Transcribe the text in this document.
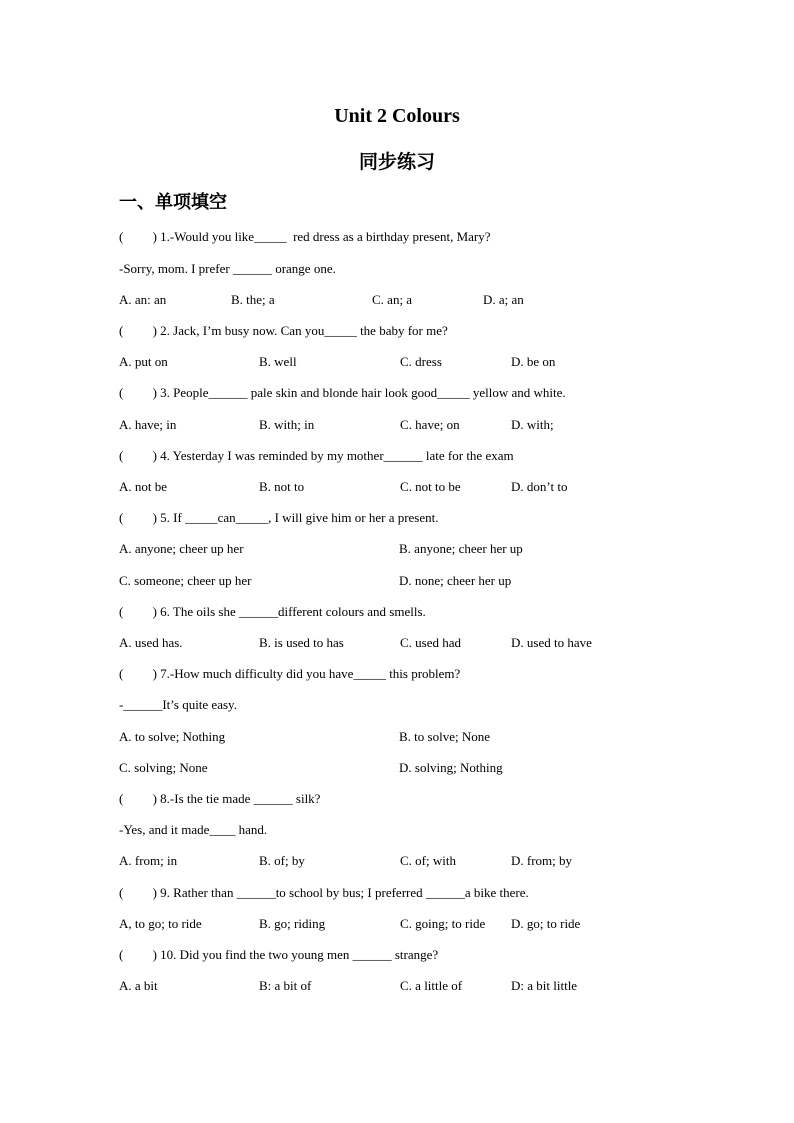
Unit 2 Colours
同步练习
一、单项填空
(         ) 1.-Would you like_____  red dress as a birthday present, Mary?
-Sorry, mom. I prefer ______ orange one.
A. an: an	B. the; a	C. an; a	D. a; an
(         ) 2. Jack, I’m busy now. Can you_____ the baby for me?
A. put on	B. well	C. dress	D. be on
(         ) 3. People______ pale skin and blonde hair look good_____ yellow and white.
A. have; in	B. with; in	C. have; on	D. with;
(         ) 4. Yesterday I was reminded by my mother______ late for the exam
A. not be	B. not to	C. not to be	D. don’t to
(         ) 5. If _____can_____, I will give him or her a present.
A. anyone; cheer up her	B. anyone; cheer her up
C. someone; cheer up her	D. none; cheer her up
(         ) 6. The oils she ______different colours and smells.
A. used has.	B. is used to has	C. used had	D. used to have
(         ) 7.-How much difficulty did you have_____ this problem?
-______It’s quite easy.
A. to solve; Nothing	B. to solve; None
C. solving; None	D. solving; Nothing
(         ) 8.-Is the tie made ______ silk?
-Yes, and it made____ hand.
A. from; in	B. of; by	C. of; with	D. from; by
(         ) 9. Rather than ______to school by bus; I preferred ______a bike there.
A, to go; to ride	B. go; riding	C. going; to ride D. go; to ride
(         ) 10. Did you find the two young men ______ strange?
A. a bit	B: a bit of	C. a little of	D: a bit little
